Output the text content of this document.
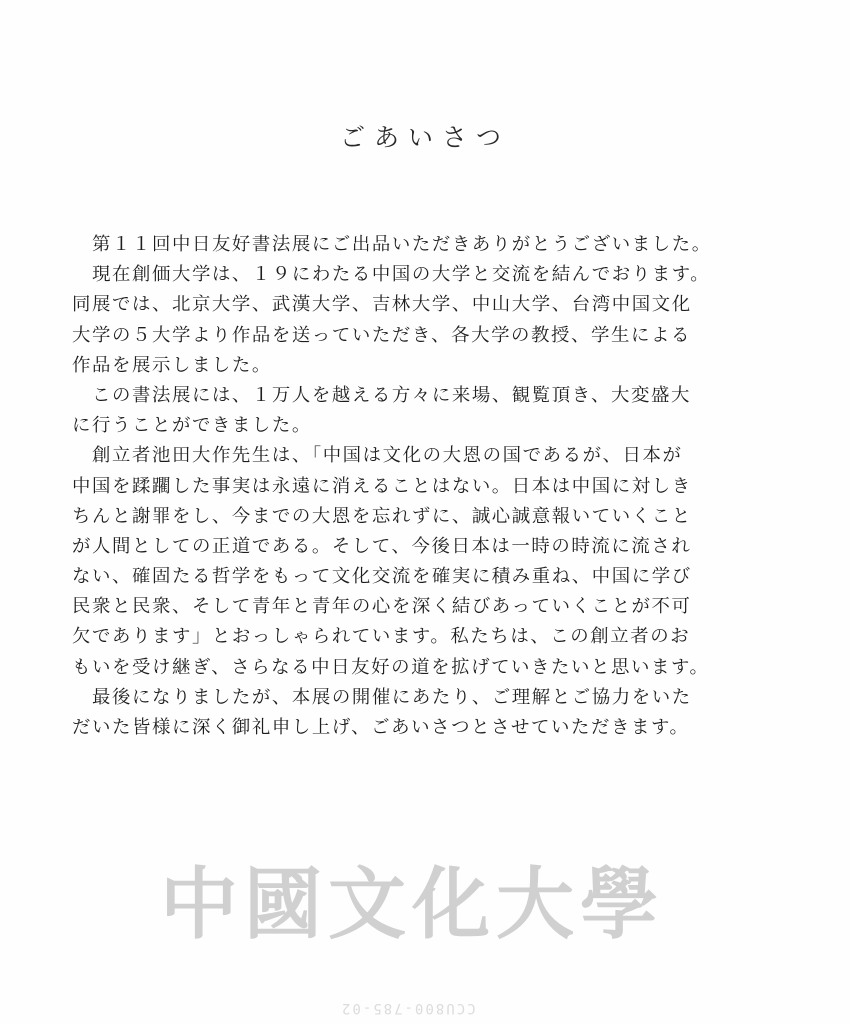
ごあいさつ
第１１回中日友好書法展にご出品いただきありがとうございました。
現在創価大学は、１９にわたる中国の大学と交流を結んでおります。
同展では、北京大学、武漢大学、吉林大学、中山大学、台湾中国文化
大学の５大学より作品を送っていただき、各大学の教授、学生による
作品を展示しました。
この書法展には、１万人を越える方々に来場、観覧頂き、大変盛大
に行うことができました。
創立者池田大作先生は、「中国は文化の大恩の国であるが、日本が
中国を蹂躙した事実は永遠に消えることはない。日本は中国に対しき
ちんと謝罪をし、今までの大恩を忘れずに、誠心誠意報いていくこと
が人間としての正道である。そして、今後日本は一時の時流に流され
ない、確固たる哲学をもって文化交流を確実に積み重ね、中国に学び
民衆と民衆、そして青年と青年の心を深く結びあっていくことが不可
欠であります」とおっしゃられています。私たちは、この創立者のお
もいを受け継ぎ、さらなる中日友好の道を拡げていきたいと思います。
最後になりましたが、本展の開催にあたり、ご理解とご協力をいた
だいた皆様に深く御礼申し上げ、ごあいさつとさせていただきます。
中國文化大學
CCU800-785-02
